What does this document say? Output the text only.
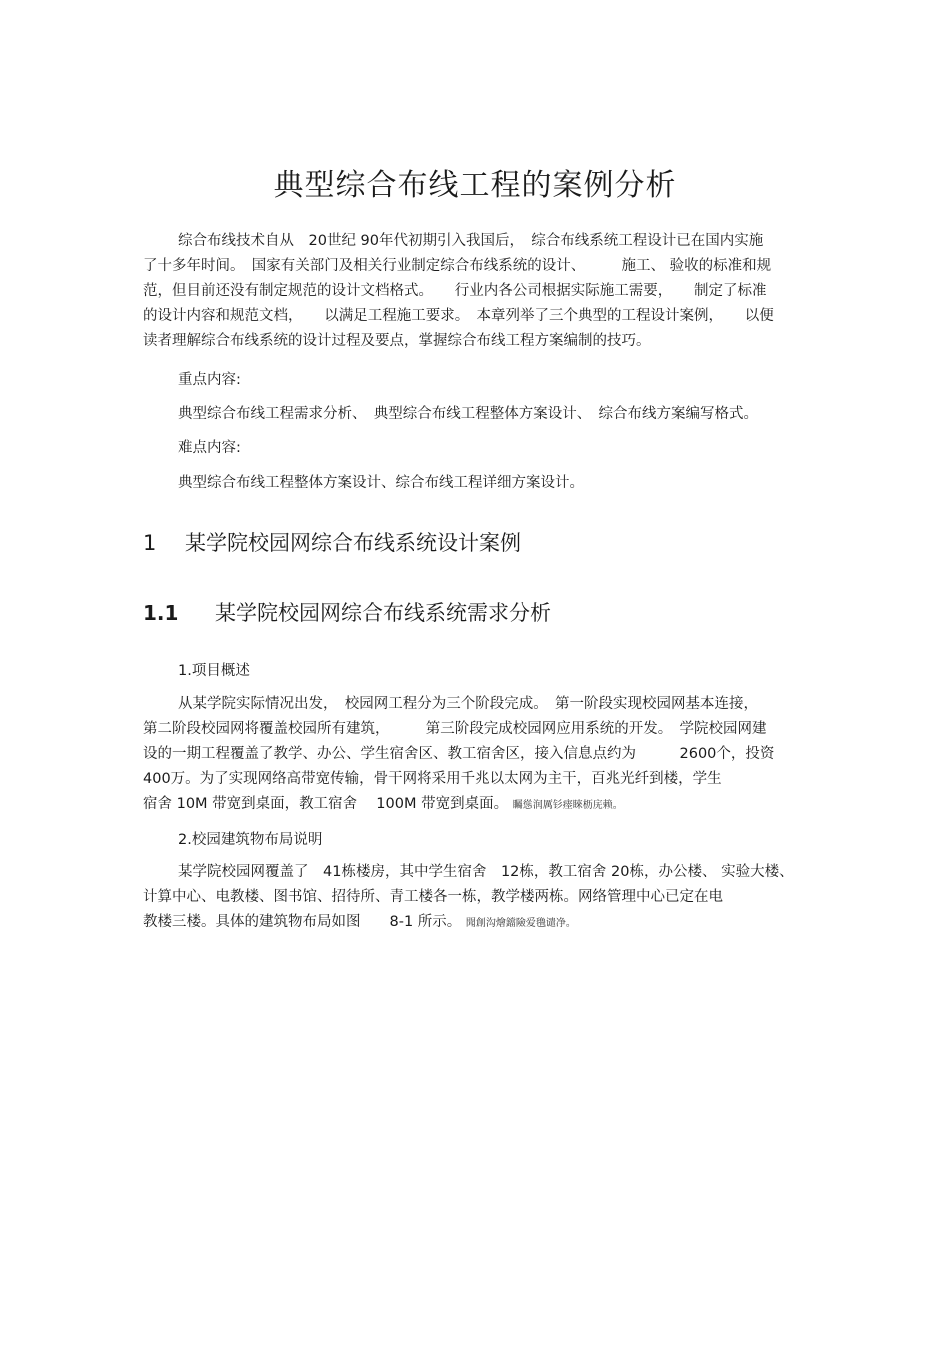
典型综合布线工程的案例分析
综合布线技术自从　20世纪 90年代初期引入我国后，　综合布线系统工程设计已在国内实施
了十多年时间。　国家有关部门及相关行业制定综合布线系统的设计、　　　施工、 验收的标准和规
范，但目前还没有制定规范的设计文档格式。　　行业内各公司根据实际施工需要，　　制定了标准
的设计内容和规范文档，　　以满足工程施工要求。　本章列举了三个典型的工程设计案例，　　以便
读者理解综合布线系统的设计过程及要点，掌握综合布线工程方案编制的技巧。
重点内容:
典型综合布线工程需求分析、　典型综合布线工程整体方案设计、　综合布线方案编写格式。
难点内容:
典型综合布线工程整体方案设计、综合布线工程详细方案设计。
1 某学院校园网综合布线系统设计案例
1.1 某学院校园网综合布线系统需求分析
1.项目概述
从某学院实际情况出发，　校园网工程分为三个阶段完成。　第一阶段实现校园网基本连接，
第二阶段校园网将覆盖校园所有建筑，　　　第三阶段完成校园网应用系统的开发。　学院校园网建
设的一期工程覆盖了教学、办公、学生宿舍区、教工宿舍区，接入信息点约为　　　2600个，投资
400万。为了实现网络高带宽传输，骨干网将采用千兆以太网为主干，百兆光纤到楼，学生
宿舍 10M 带宽到桌面，教工宿舍　 100M 带宽到桌面。 矚慫润厲钐瘗睞枥庑赖。
2.校园建筑物布局说明
某学院校园网覆盖了　41栋楼房，其中学生宿舍　12栋，教工宿舍 20栋，办公楼、 实验大楼、
计算中心、电教楼、图书馆、招待所、青工楼各一栋，教学楼两栋。网络管理中心已定在电
教楼三楼。具体的建筑物布局如图　　8-1 所示。 聞創沟燴鐺險爱氇谴净。
